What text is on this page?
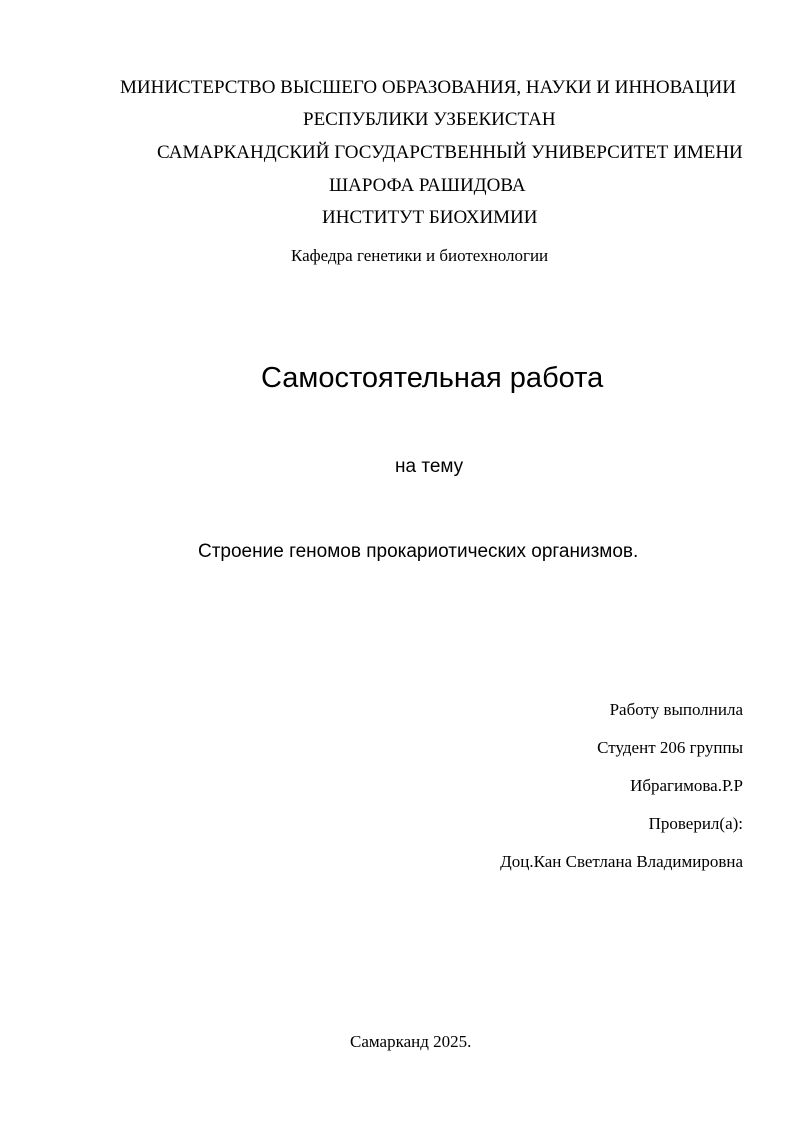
МИНИСТЕРСТВО ВЫСШЕГО ОБРАЗОВАНИЯ, НАУКИ И ИННОВАЦИИ
РЕСПУБЛИКИ УЗБЕКИСТАН
САМАРКАНДСКИЙ ГОСУДАРСТВЕННЫЙ УНИВЕРСИТЕТ ИМЕНИ
ШАРОФА РАШИДОВА
ИНСТИТУТ БИОХИМИИ
Кафедра генетики и биотехнологии
Самостоятельная работа
на тему
Строение геномов прокариотических организмов.
Работу выполнила
Студент 206 группы
Ибрагимова.Р.Р
Проверил(а):
Доц.Кан Светлана Владимировна
Самарканд 2025.
